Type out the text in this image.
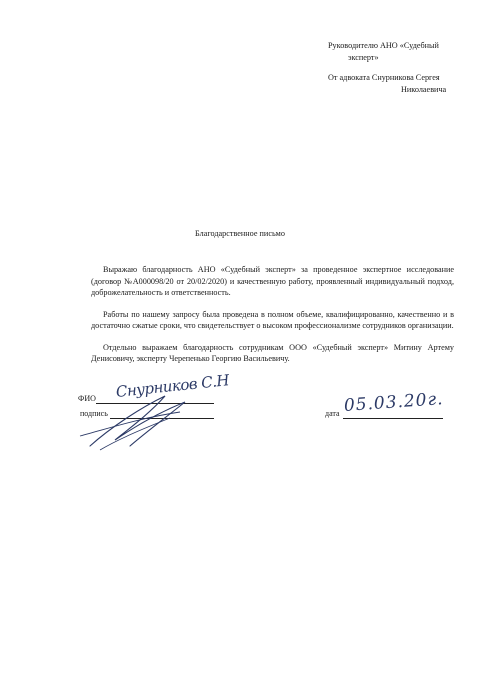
Руководителю АНО «Судебный
эксперт»
От адвоката Снурникова Сергея
Николаевича
Благодарственное письмо

Выражаю благодарность АНО «Судебный эксперт» за проведенное экспертное исследование (договор №А000098/20 от 20/02/2020) и качественную работу, проявленный индивидуальный подход, доброжелательность и ответственность.

Работы по нашему запросу была проведена в полном объеме, квалифицированно, качественно и в достаточно сжатые сроки, что свидетельствует о высоком профессионализме сотрудников организации.

Отдельно выражаем благодарность сотрудникам ООО «Судебный эксперт» Митину Артему Денисовичу, эксперту Черепенько Георгию Васильевичу.

ФИО Снурников С.Н
подпись	дата 05.03.20г.
